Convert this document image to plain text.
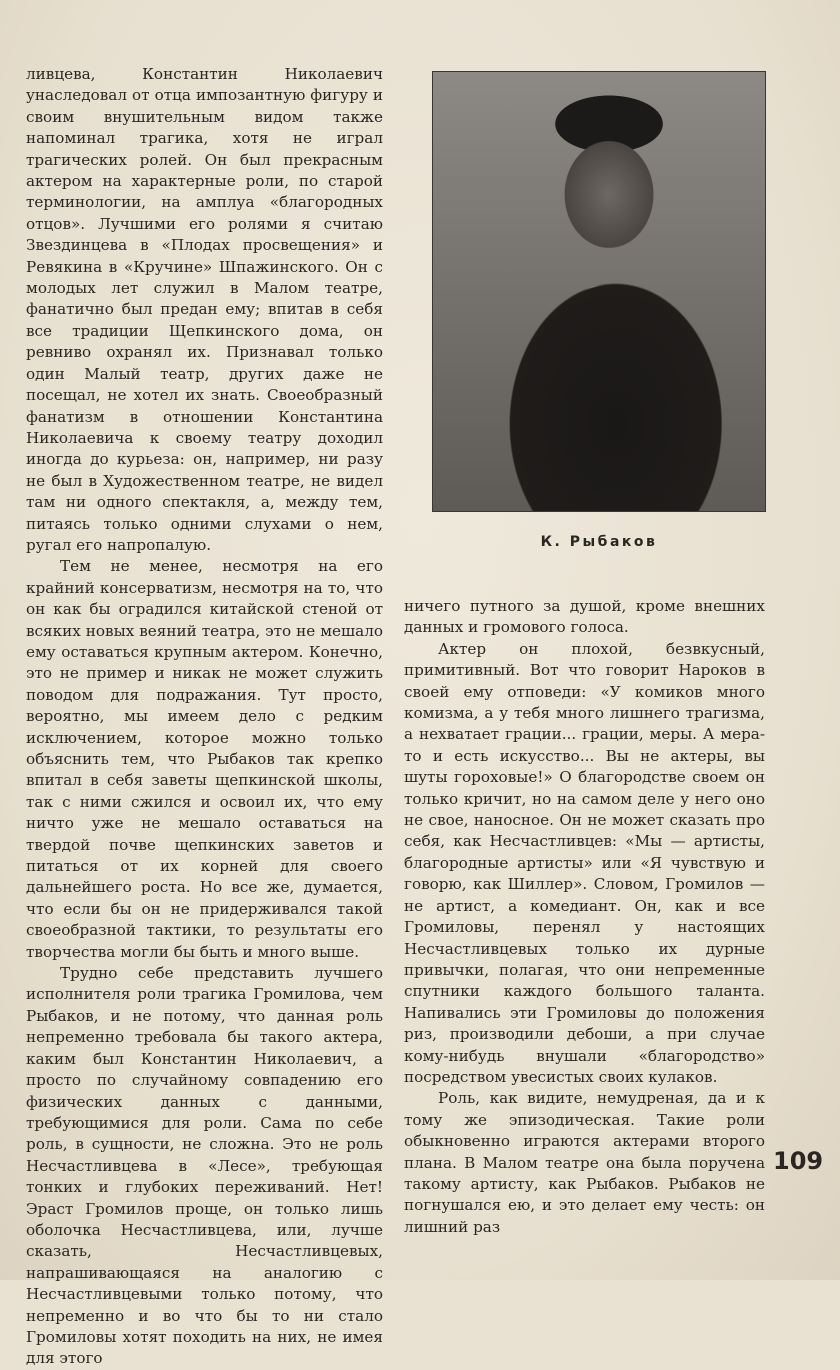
ливцева, Константин Николаевич унаследовал от отца импозантную фигуру и своим внушительным видом также напоминал трагика, хотя не играл трагических ролей. Он был прекрасным актером на характерные роли, по старой терминологии, на амплуа «благородных отцов». Лучшими его ролями я считаю Звездинцева в «Плодах просвещения» и Ревякина в «Кручине» Шпажинского. Он с молодых лет служил в Малом театре, фанатично был предан ему; впитав в себя все традиции Щепкинского дома, он ревниво охранял их. Признавал только один Малый театр, других даже не посещал, не хотел их знать. Своеобразный фанатизм в отношении Константина Николаевича к своему театру доходил иногда до курьеза: он, например, ни разу не был в Художественном театре, не видел там ни одного спектакля, а, между тем, питаясь только одними слухами о нем, ругал его напропалую.

Тем не менее, несмотря на его крайний консерватизм, несмотря на то, что он как бы оградился китайской стеной от всяких новых веяний театра, это не мешало ему оставаться крупным актером. Конечно, это не пример и никак не может служить поводом для подражания. Тут просто, вероятно, мы имеем дело с редким исключением, которое можно только объяснить тем, что Рыбаков так крепко впитал в себя заветы щепкинской школы, так с ними сжился и освоил их, что ему ничто уже не мешало оставаться на твердой почве щепкинских заветов и питаться от их корней для своего дальнейшего роста. Но все же, думается, что если бы он не придерживался такой своеобразной тактики, то результаты его творчества могли бы быть и много выше.

Трудно себе представить лучшего исполнителя роли трагика Громилова, чем Рыбаков, и не потому, что данная роль непременно требовала бы такого актера, каким был Константин Николаевич, а просто по случайному совпадению его физических данных с данными, требующимися для роли. Сама по себе роль, в сущности, не сложна. Это не роль Несчастливцева в «Лесе», требующая тонких и глубоких переживаний. Нет! Эраст Громилов проще, он только лишь оболочка Несчастливцева, или, лучше сказать, Несчастливцевых, напрашивающаяся на аналогию с Несчастливцевыми только потому, что непременно и во что бы то ни стало Громиловы хотят походить на них, не имея для этого

К. Рыбаков

ничего путного за душой, кроме внешних данных и громового голоса.

Актер он плохой, безвкусный, примитивный. Вот что говорит Нароков в своей ему отповеди: «У комиков много комизма, а у тебя много лишнего трагизма, а нехватает грации... грации, меры. А мера-то и есть искусство... Вы не актеры, вы шуты гороховые!» О благородстве своем он только кричит, но на самом деле у него оно не свое, наносное. Он не может сказать про себя, как Несчастливцев: «Мы — артисты, благородные артисты» или «Я чувствую и говорю, как Шиллер». Словом, Громилов — не артист, а комедиант. Он, как и все Громиловы, перенял у настоящих Несчастливцевых только их дурные привычки, полагая, что они непременные спутники каждого большого таланта. Напивались эти Громиловы до положения риз, производили дебоши, а при случае кому-нибудь внушали «благородство» посредством увесистых своих кулаков.

Роль, как видите, немудреная, да и к тому же эпизодическая. Такие роли обыкновенно играются актерами второго плана. В Малом театре она была поручена такому артисту, как Рыбаков. Рыбаков не погнушался ею, и это делает ему честь: он лишний раз

109
